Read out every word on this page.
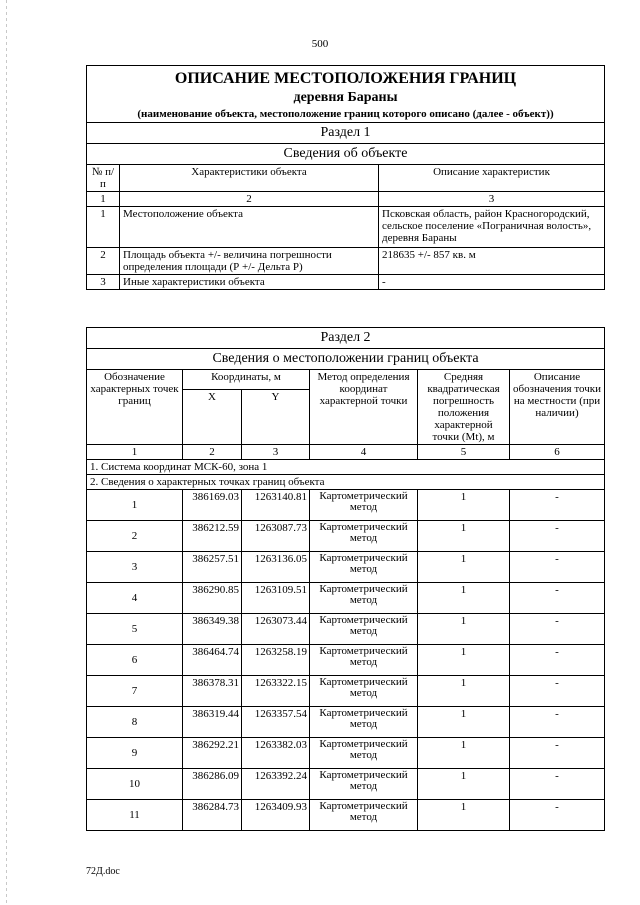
500
ОПИСАНИЕ МЕСТОПОЛОЖЕНИЯ ГРАНИЦ
деревня Бараны
(наименование объекта, местоположение границ которого описано (далее - объект))		

Раздел 1		
Сведения об объекте		
№ п/п	Характеристики объекта	Описание характеристик
1	2	3
1	Местоположение объекта	Псковская область, район Красногородский, сельское поселение «Пограничная волость», деревня Бараны
2	Площадь объекта +/- величина погрешности определения площади (Р +/- Дельта Р)	218635 +/- 857 кв. м
3	Иные характеристики объекта	-
Раздел 2					
Сведения о местоположении границ объекта					
Обозначение характерных точек границ	Координаты, м		Метод определения координат характерной точки	Средняя квадратическая погрешность положения характерной точки (Mt), м	Описание обозначения точки на местности (при наличии)
	X	Y			
1	2	3	4	5	6
1. Система координат МСК-60, зона 1					
2. Сведения о характерных точках границ объекта					
1	386169.03	1263140.81	Картометрический метод	1	-
2	386212.59	1263087.73	Картометрический метод	1	-
3	386257.51	1263136.05	Картометрический метод	1	-
4	386290.85	1263109.51	Картометрический метод	1	-
5	386349.38	1263073.44	Картометрический метод	1	-
6	386464.74	1263258.19	Картометрический метод	1	-
7	386378.31	1263322.15	Картометрический метод	1	-
8	386319.44	1263357.54	Картометрический метод	1	-
9	386292.21	1263382.03	Картометрический метод	1	-
10	386286.09	1263392.24	Картометрический метод	1	-
11	386284.73	1263409.93	Картометрический метод	1	-
72Д.doc
